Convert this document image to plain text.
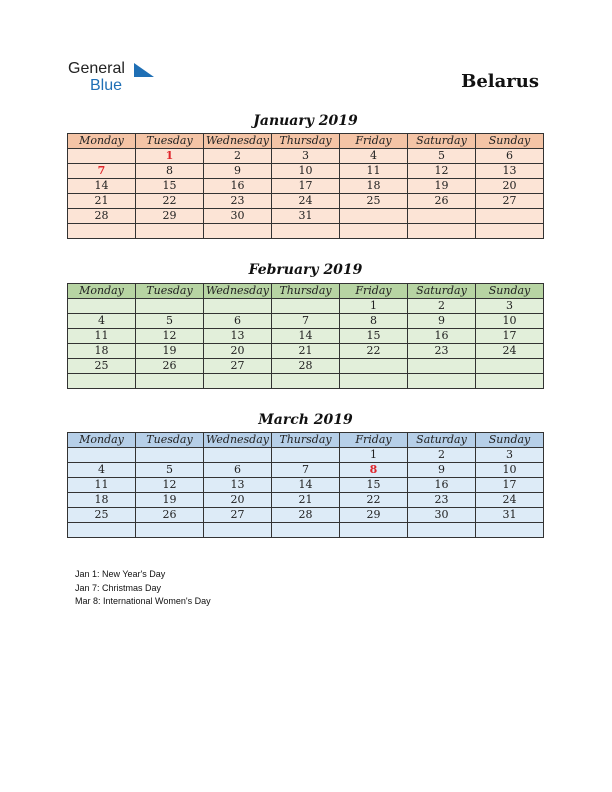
General
Blue	Belarus
January 2019
Monday	Tuesday	Wednesday	Thursday	Friday	Saturday	Sunday
	1	2	3	4	5	6
7	8	9	10	11	12	13
14	15	16	17	18	19	20
21	22	23	24	25	26	27
28	29	30	31			

February 2019
Monday	Tuesday	Wednesday	Thursday	Friday	Saturday	Sunday
				1	2	3
4	5	6	7	8	9	10
11	12	13	14	15	16	17
18	19	20	21	22	23	24
25	26	27	28			

March 2019
Monday	Tuesday	Wednesday	Thursday	Friday	Saturday	Sunday
				1	2	3
4	5	6	7	8	9	10
11	12	13	14	15	16	17
18	19	20	21	22	23	24
25	26	27	28	29	30	31

Jan 1: New Year's Day
Jan 7: Christmas Day
Mar 8: International Women's Day
